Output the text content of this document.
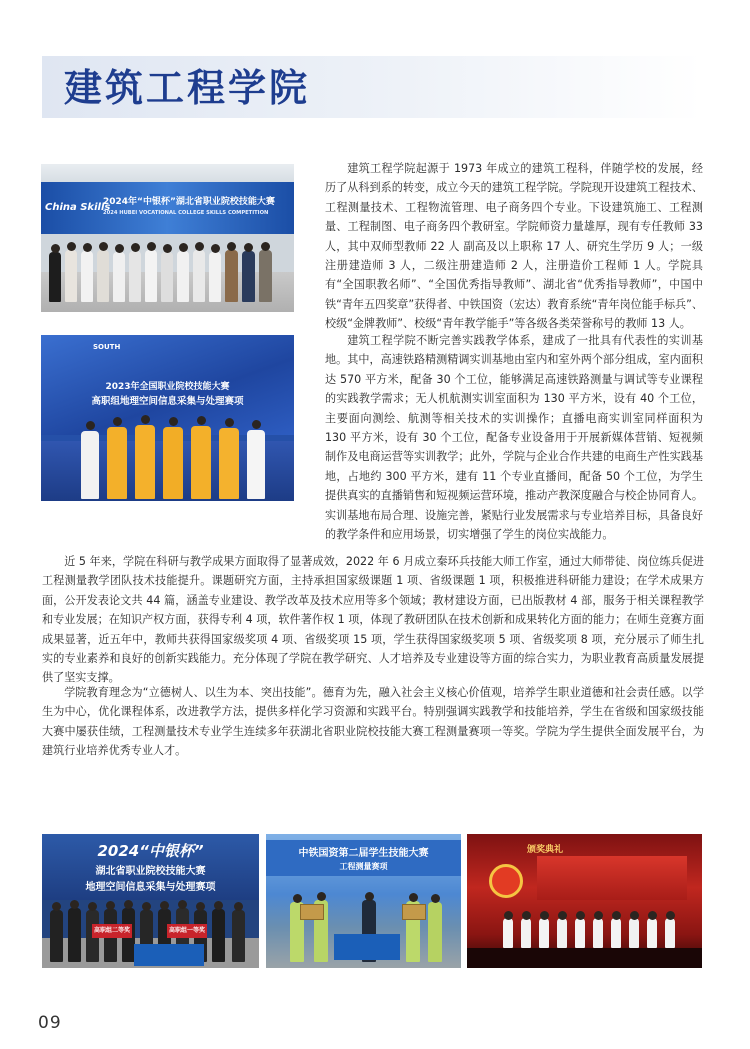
建筑工程学院
China Skills
2024年“中银杯”湖北省职业院校技能大赛
2024 HUBEI VOCATIONAL COLLEGE SKILLS COMPETITION
SOUTH
2023年全国职业院校技能大赛
高职组地理空间信息采集与处理赛项
建筑工程学院起源于 1973 年成立的建筑工程科，伴随学校的发展，经历了从科到系的转变，成立今天的建筑工程学院。学院现开设建筑工程技术、工程测量技术、工程物流管理、电子商务四个专业。下设建筑施工、工程测量、工程制图、电子商务四个教研室。学院师资力量雄厚，现有专任教师 33 人，其中双师型教师 22 人 副高及以上职称 17 人、研究生学历 9 人；一级注册建造师 3 人，二级注册建造师 2 人，注册造价工程师 1 人。学院具有“全国职教名师”、“全国优秀指导教师”、湖北省“优秀指导教师”，中国中铁“青年五四奖章”获得者、中铁国资（宏达）教育系统“青年岗位能手标兵”、校级“金牌教师”、校级“青年教学能手”等各级各类荣誉称号的教师 13 人。
建筑工程学院不断完善实践教学体系，建成了一批具有代表性的实训基地。其中，高速铁路精测精调实训基地由室内和室外两个部分组成，室内面积达 570 平方米，配备 30 个工位，能够满足高速铁路测量与调试等专业课程的实践教学需求；无人机航测实训室面积为 130 平方米，设有 40 个工位，主要面向测绘、航测等相关技术的实训操作；直播电商实训室同样面积为 130 平方米，设有 30 个工位，配备专业设备用于开展新媒体营销、短视频制作及电商运营等实训教学；此外，学院与企业合作共建的电商生产性实践基地，占地约 300 平方米，建有 11 个专业直播间，配备 50 个工位，为学生提供真实的直播销售和短视频运营环境，推动产教深度融合与校企协同育人。实训基地布局合理、设施完善，紧贴行业发展需求与专业培养目标，具备良好的教学条件和应用场景，切实增强了学生的岗位实战能力。
近 5 年来，学院在科研与教学成果方面取得了显著成效，2022 年 6 月成立秦环兵技能大师工作室，通过大师带徒、岗位练兵促进工程测量教学团队技术技能提升。课题研究方面，主持承担国家级课题 1 项、省级课题 1 项，积极推进科研能力建设；在学术成果方面，公开发表论文共 44 篇，涵盖专业建设、教学改革及技术应用等多个领域；教材建设方面，已出版教材 4 部，服务于相关课程教学和专业发展；在知识产权方面，获得专利 4 项，软件著作权 1 项，体现了教研团队在技术创新和成果转化方面的能力；在师生竞赛方面成果显著，近五年中，教师共获得国家级奖项 4 项、省级奖项 15 项，学生获得国家级奖项 5 项、省级奖项 8 项，充分展示了师生扎实的专业素养和良好的创新实践能力。充分体现了学院在教学研究、人才培养及专业建设等方面的综合实力，为职业教育高质量发展提供了坚实支撑。
学院教育理念为“立德树人、以生为本、突出技能”。德育为先，融入社会主义核心价值观，培养学生职业道德和社会责任感。以学生为中心，优化课程体系，改进教学方法，提供多样化学习资源和实践平台。特别强调实践教学和技能培养，学生在省级和国家级技能大赛中屡获佳绩，工程测量技术专业学生连续多年获湖北省职业院校技能大赛工程测量赛项一等奖。学院为学生提供全面发展平台，为建筑行业培养优秀专业人才。
2024“中银杯”
湖北省职业院校技能大赛
地理空间信息采集与处理赛项
高职组二等奖	高职组一等奖
中铁国资第二届学生技能大赛
工程测量赛项
颁奖典礼
09
